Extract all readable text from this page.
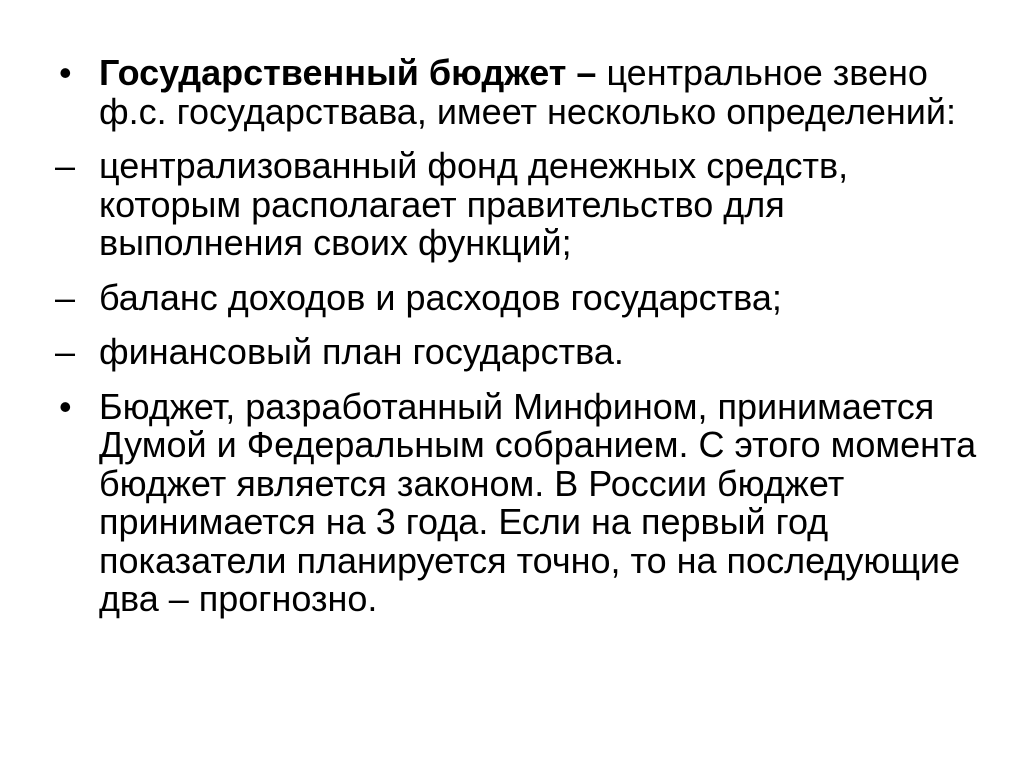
• Государственный бюджет – центральное звено ф.с. государствава, имеет несколько определений:
– централизованный фонд денежных средств, которым располагает правительство для выполнения своих функций;
– баланс доходов и расходов государства;
– финансовый план государства.
• Бюджет, разработанный Минфином, принимается Думой и Федеральным собранием. С этого момента бюджет является законом. В России бюджет принимается на 3 года. Если на первый год показатели планируется точно, то на последующие два – прогнозно.
